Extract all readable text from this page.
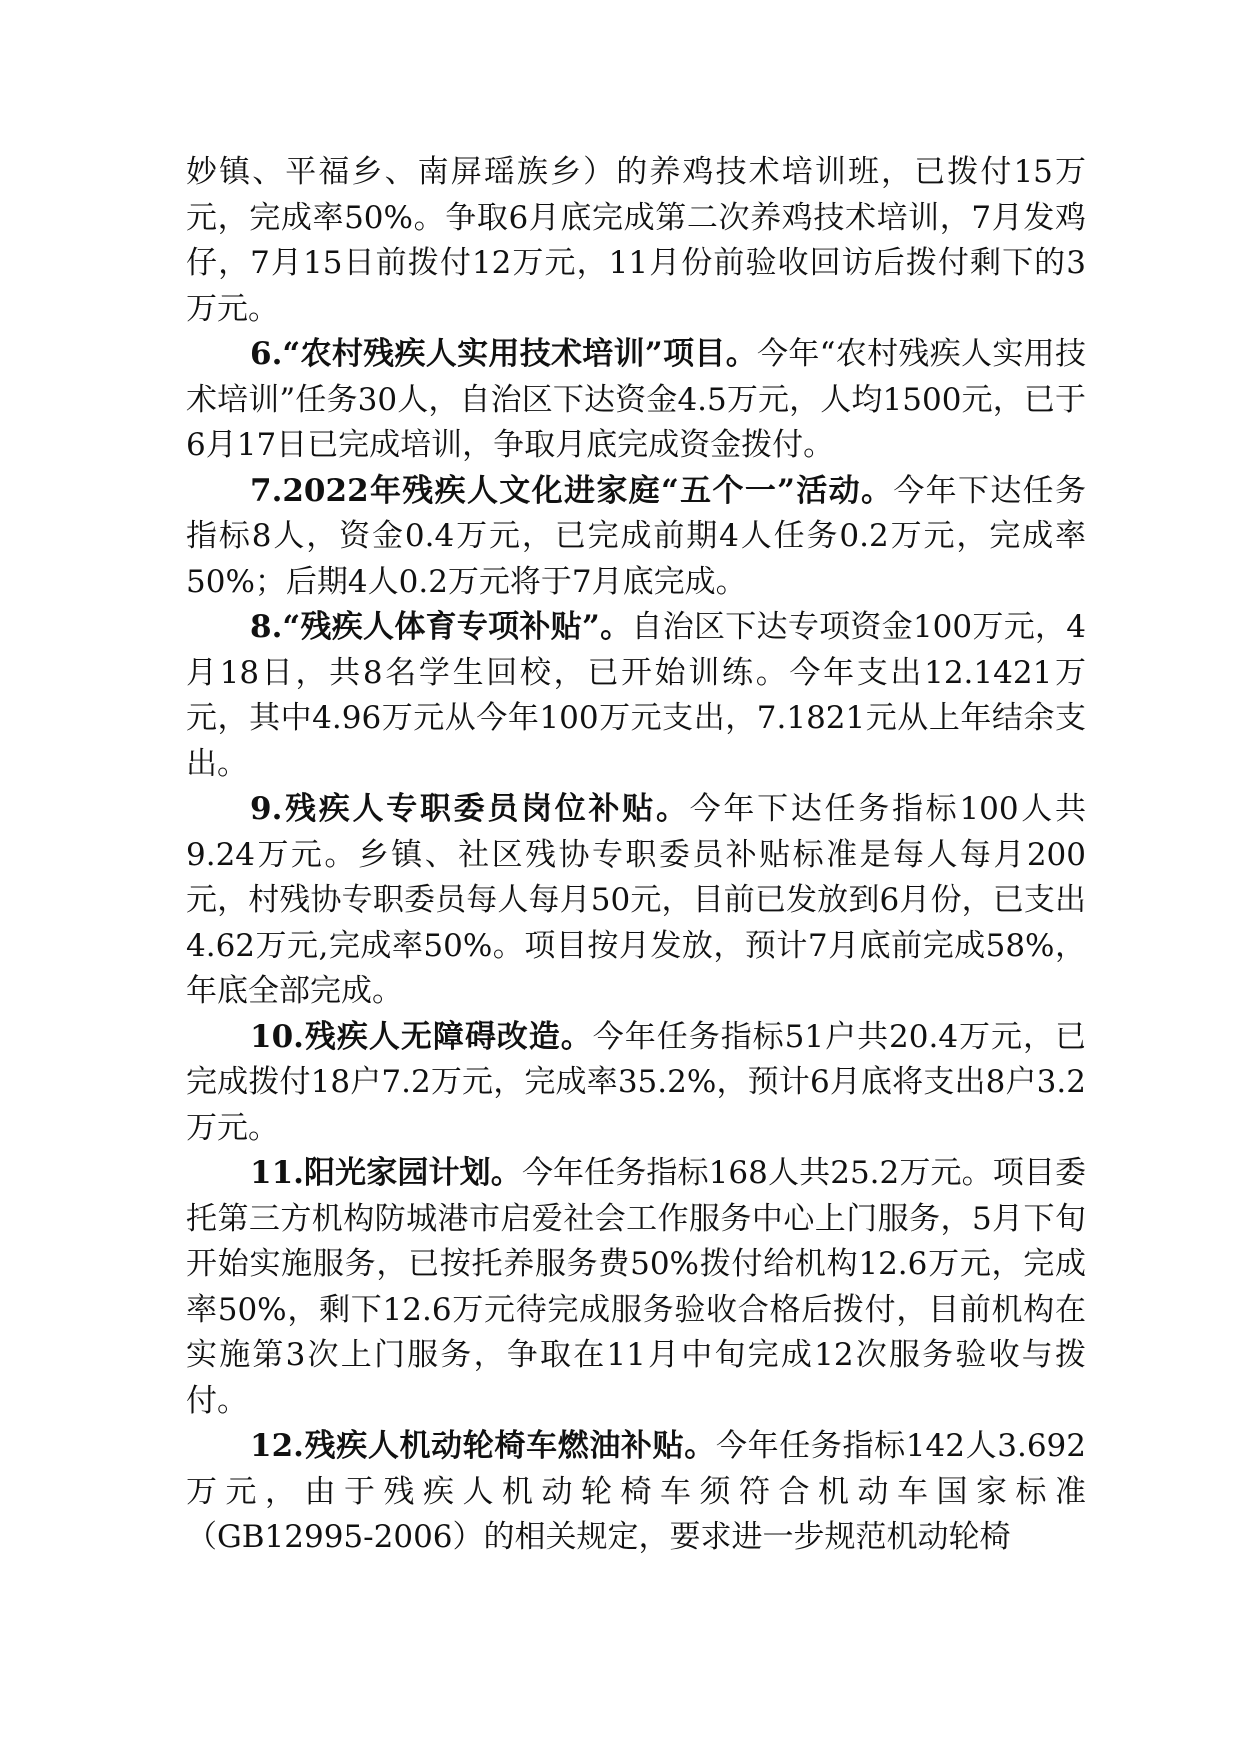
妙镇、平福乡、南屏瑶族乡）的养鸡技术培训班，已拨付15万元，完成率50%。争取6月底完成第二次养鸡技术培训，7月发鸡仔，7月15日前拨付12万元，11月份前验收回访后拨付剩下的3万元。

6.“农村残疾人实用技术培训”项目。今年“农村残疾人实用技术培训”任务30人，自治区下达资金4.5万元，人均1500元，已于6月17日已完成培训，争取月底完成资金拨付。

7.2022年残疾人文化进家庭“五个一”活动。今年下达任务指标8人，资金0.4万元，已完成前期4人任务0.2万元，完成率50%；后期4人0.2万元将于7月底完成。

8.“残疾人体育专项补贴”。自治区下达专项资金100万元，4月18日，共8名学生回校，已开始训练。今年支出12.1421万元，其中4.96万元从今年100万元支出，7.1821元从上年结余支出。

9.残疾人专职委员岗位补贴。今年下达任务指标100人共9.24万元。乡镇、社区残协专职委员补贴标准是每人每月200元，村残协专职委员每人每月50元，目前已发放到6月份，已支出4.62万元,完成率50%。项目按月发放，预计7月底前完成58%，年底全部完成。

10.残疾人无障碍改造。今年任务指标51户共20.4万元，已完成拨付18户7.2万元，完成率35.2%，预计6月底将支出8户3.2万元。

11.阳光家园计划。今年任务指标168人共25.2万元。项目委托第三方机构防城港市启爱社会工作服务中心上门服务，5月下旬开始实施服务，已按托养服务费50%拨付给机构12.6万元，完成率50%，剩下12.6万元待完成服务验收合格后拨付，目前机构在实施第3次上门服务，争取在11月中旬完成12次服务验收与拨付。

12.残疾人机动轮椅车燃油补贴。今年任务指标142人3.692万元，由于残疾人机动轮椅车须符合机动车国家标准（GB12995-2006）的相关规定，要求进一步规范机动轮椅
